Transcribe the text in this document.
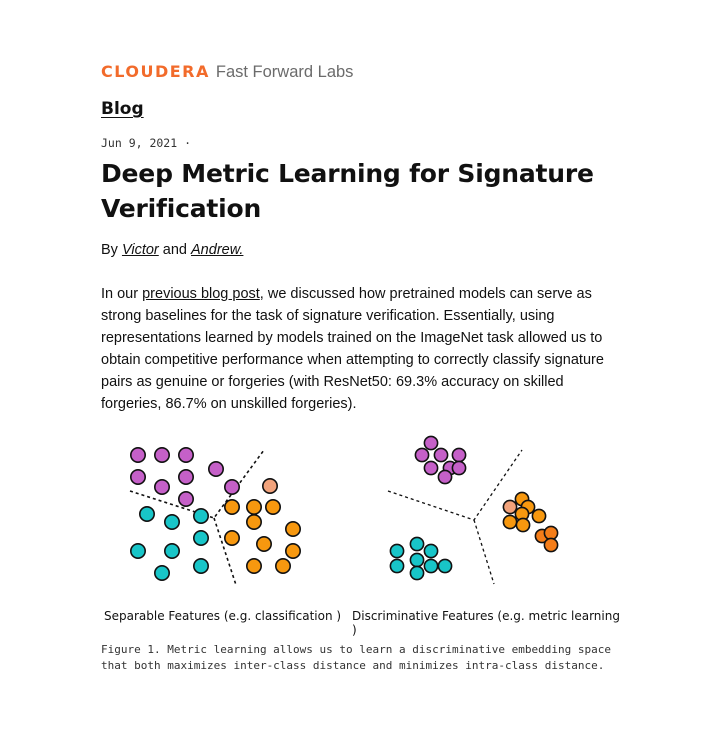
CLOUDERA Fast Forward Labs
Blog
Jun 9, 2021 ·
Deep Metric Learning for Signature Verification
By Victor and Andrew.

In our previous blog post, we discussed how pretrained models can serve as strong baselines for the task of signature verification. Essentially, using representations learned by models trained on the ImageNet task allowed us to obtain competitive performance when attempting to correctly classify signature pairs as genuine or forgeries (with ResNet50: 69.3% accuracy on skilled forgeries, 86.7% on unskilled forgeries).

Separable Features (e.g. classification ) Discriminative Features (e.g. metric learning )
Figure 1. Metric learning allows us to learn a discriminative embedding space that both maximizes inter-class distance and minimizes intra-class distance.
